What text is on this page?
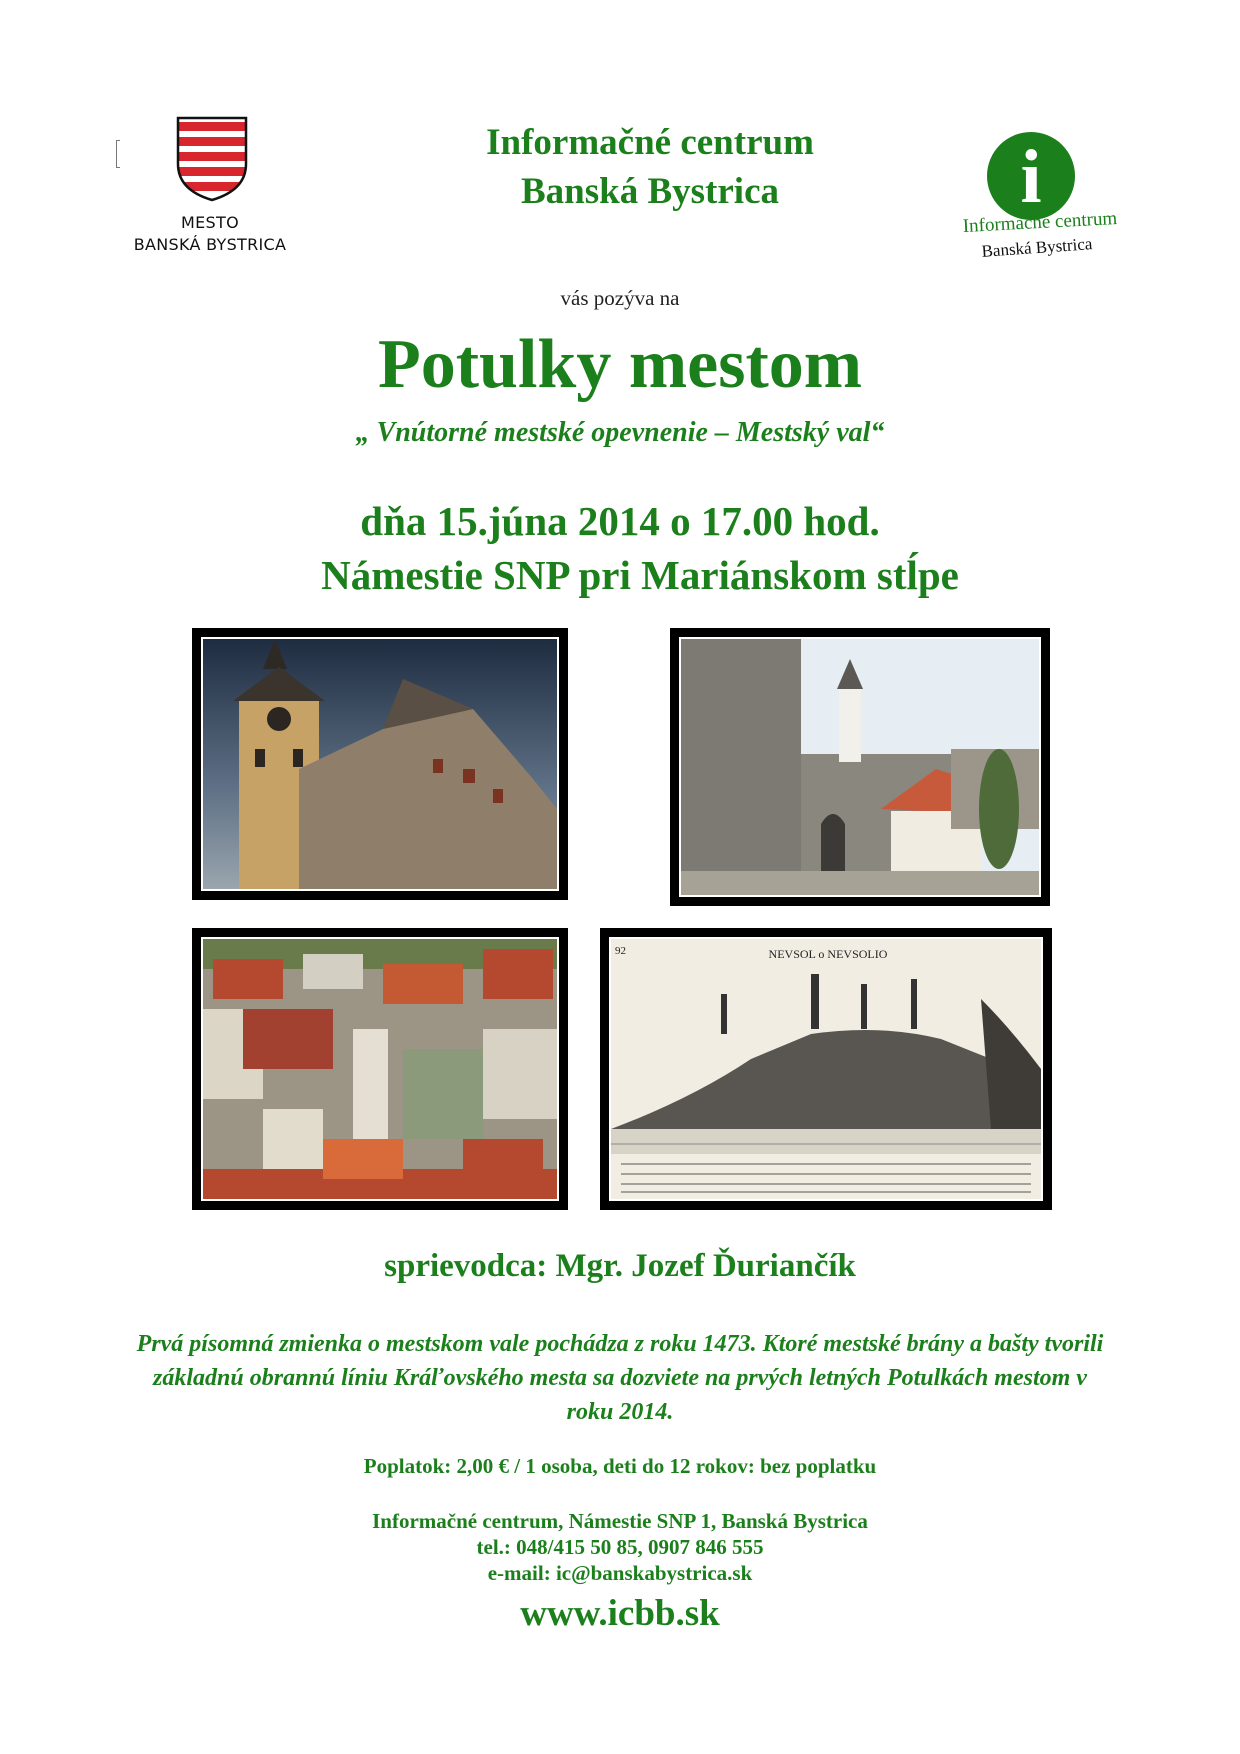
MESTO
BANSKÁ BYSTRICA
Informačné centrum
Banská Bystrica	i
Informačné centrum
Banská Bystrica
vás pozýva na
Potulky mestom
„ Vnútorné mestské opevnenie – Mestský val“
dňa 15.júna 2014 o 17.00 hod.
Námestie SNP pri Mariánskom stĺpe
NEVSOL o NEVSOLIO
92
sprievodca: Mgr. Jozef Ďuriančík
Prvá písomná zmienka o mestskom vale pochádza z roku 1473. Ktoré mestské brány a bašty tvorili základnú obrannú líniu Kráľovského mesta sa dozviete na prvých letných Potulkách mestom v roku 2014.
Poplatok: 2,00 € / 1 osoba, deti do 12 rokov: bez poplatku
Informačné centrum, Námestie SNP 1, Banská Bystrica
tel.: 048/415 50 85, 0907 846 555
e-mail: ic@banskabystrica.sk
www.icbb.sk
